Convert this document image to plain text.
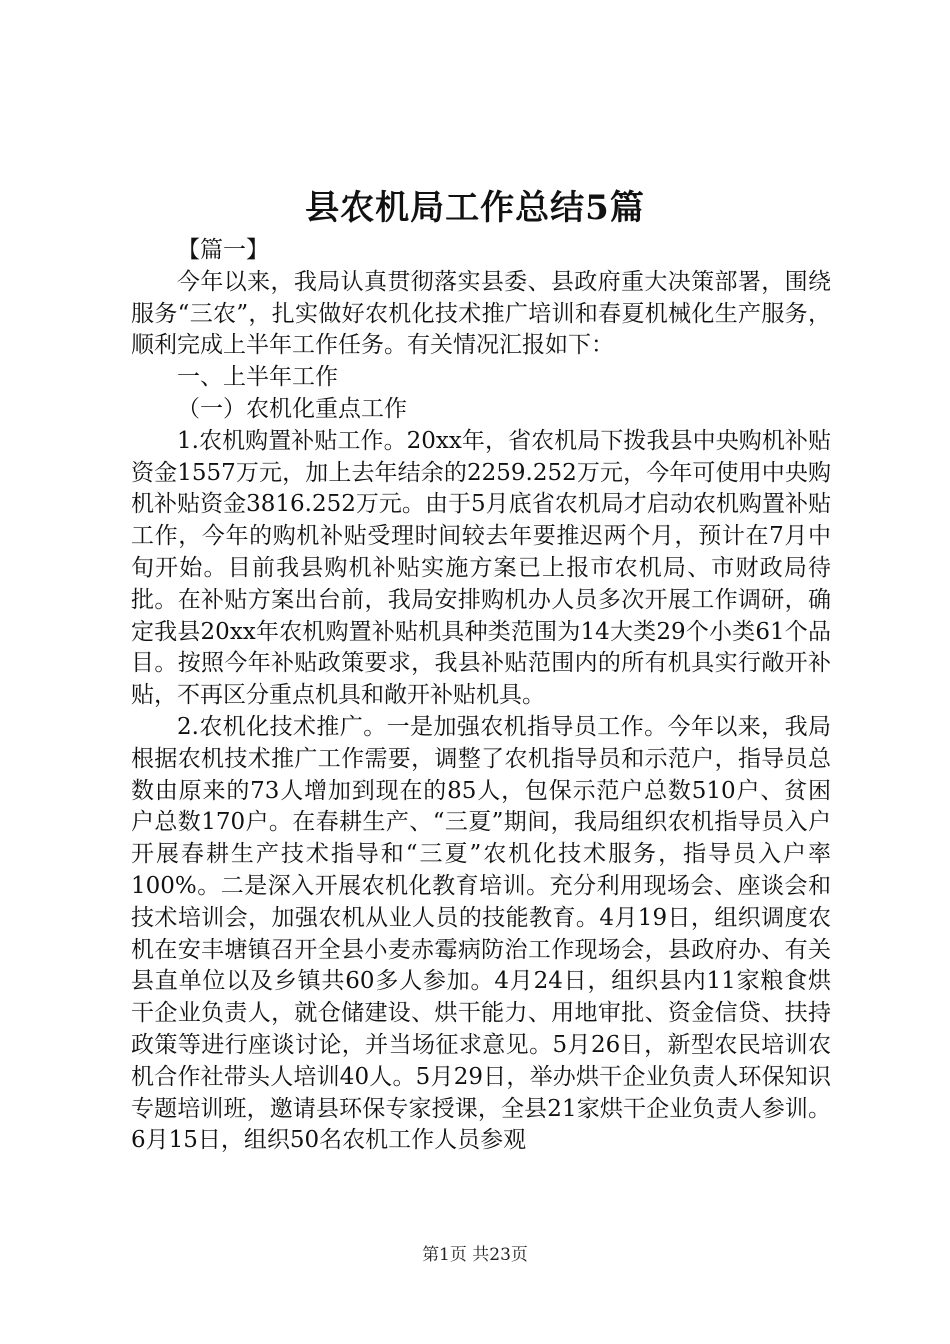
县农机局工作总结5篇

【篇一】

今年以来，我局认真贯彻落实县委、县政府重大决策部署，围绕服务“三农”，扎实做好农机化技术推广培训和春夏机械化生产服务，顺利完成上半年工作任务。有关情况汇报如下：

一、上半年工作

（一）农机化重点工作

1.农机购置补贴工作。20xx年，省农机局下拨我县中央购机补贴资金1557万元，加上去年结余的2259.252万元，今年可使用中央购机补贴资金3816.252万元。由于5月底省农机局才启动农机购置补贴工作，今年的购机补贴受理时间较去年要推迟两个月，预计在7月中旬开始。目前我县购机补贴实施方案已上报市农机局、市财政局待批。在补贴方案出台前，我局安排购机办人员多次开展工作调研，确定我县20xx年农机购置补贴机具种类范围为14大类29个小类61个品目。按照今年补贴政策要求，我县补贴范围内的所有机具实行敞开补贴，不再区分重点机具和敞开补贴机具。

2.农机化技术推广。一是加强农机指导员工作。今年以来，我局根据农机技术推广工作需要，调整了农机指导员和示范户，指导员总数由原来的73人增加到现在的85人，包保示范户总数510户、贫困户总数170户。在春耕生产、“三夏”期间，我局组织农机指导员入户开展春耕生产技术指导和“三夏”农机化技术服务，指导员入户率100%。二是深入开展农机化教育培训。充分利用现场会、座谈会和技术培训会，加强农机从业人员的技能教育。4月19日，组织调度农机在安丰塘镇召开全县小麦赤霉病防治工作现场会，县政府办、有关县直单位以及乡镇共60多人参加。4月24日，组织县内11家粮食烘干企业负责人，就仓储建设、烘干能力、用地审批、资金信贷、扶持政策等进行座谈讨论，并当场征求意见。5月26日，新型农民培训农机合作社带头人培训40人。5月29日，举办烘干企业负责人环保知识专题培训班，邀请县环保专家授课，全县21家烘干企业负责人参训。6月15日，组织50名农机工作人员参观

第1页 共23页
